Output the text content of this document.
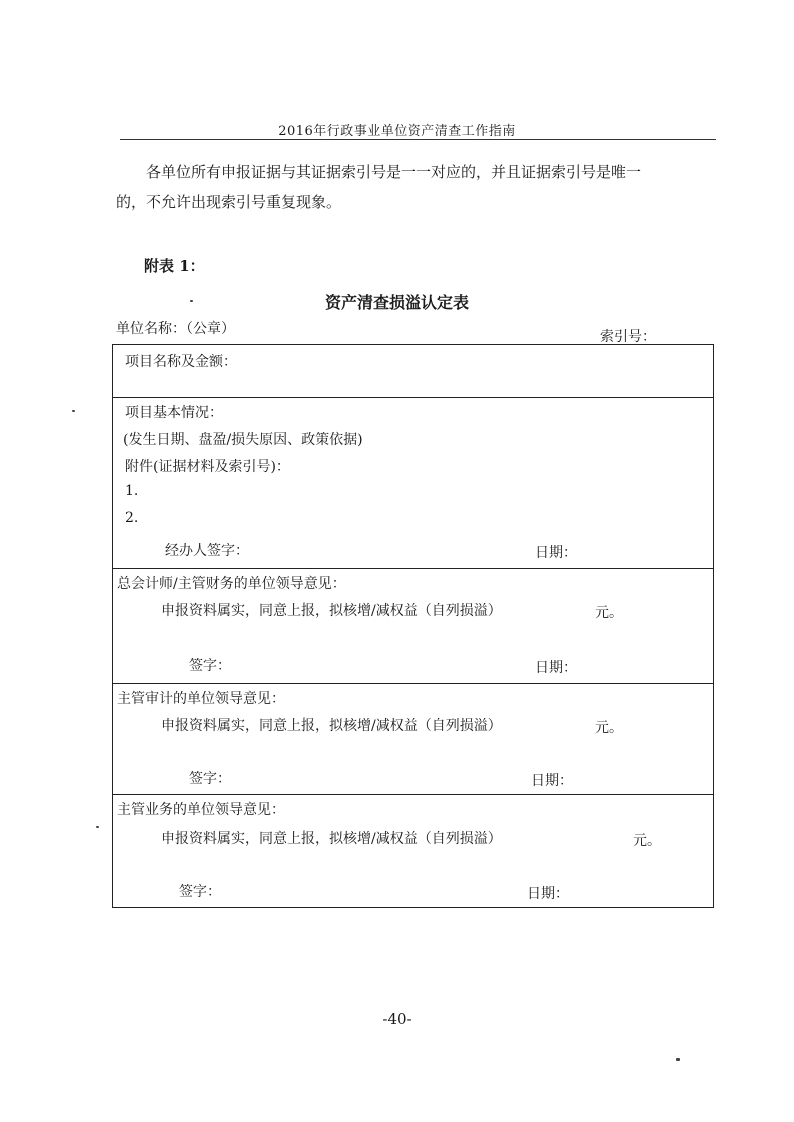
2016年行政事业单位资产清查工作指南
各单位所有申报证据与其证据索引号是一一对应的，并且证据索引号是唯一
的，不允许出现索引号重复现象。
附表 1：
资产清查损溢认定表
单位名称：（公章）	索引号：
项目名称及金额：

项目基本情况：
(发生日期、盘盈/损失原因、政策依据)
附件(证据材料及索引号)：
1.
2.
经办人签字：	日期：

总会计师/主管财务的单位领导意见：
申报资料属实，同意上报，拟核增/减权益（自列损溢）	元。
签字：	日期：

主管审计的单位领导意见：
申报资料属实，同意上报，拟核增/减权益（自列损溢）	元。
签字：	日期：

主管业务的单位领导意见：
申报资料属实，同意上报，拟核增/减权益（自列损溢）	元。
签字：	日期：
-40-
